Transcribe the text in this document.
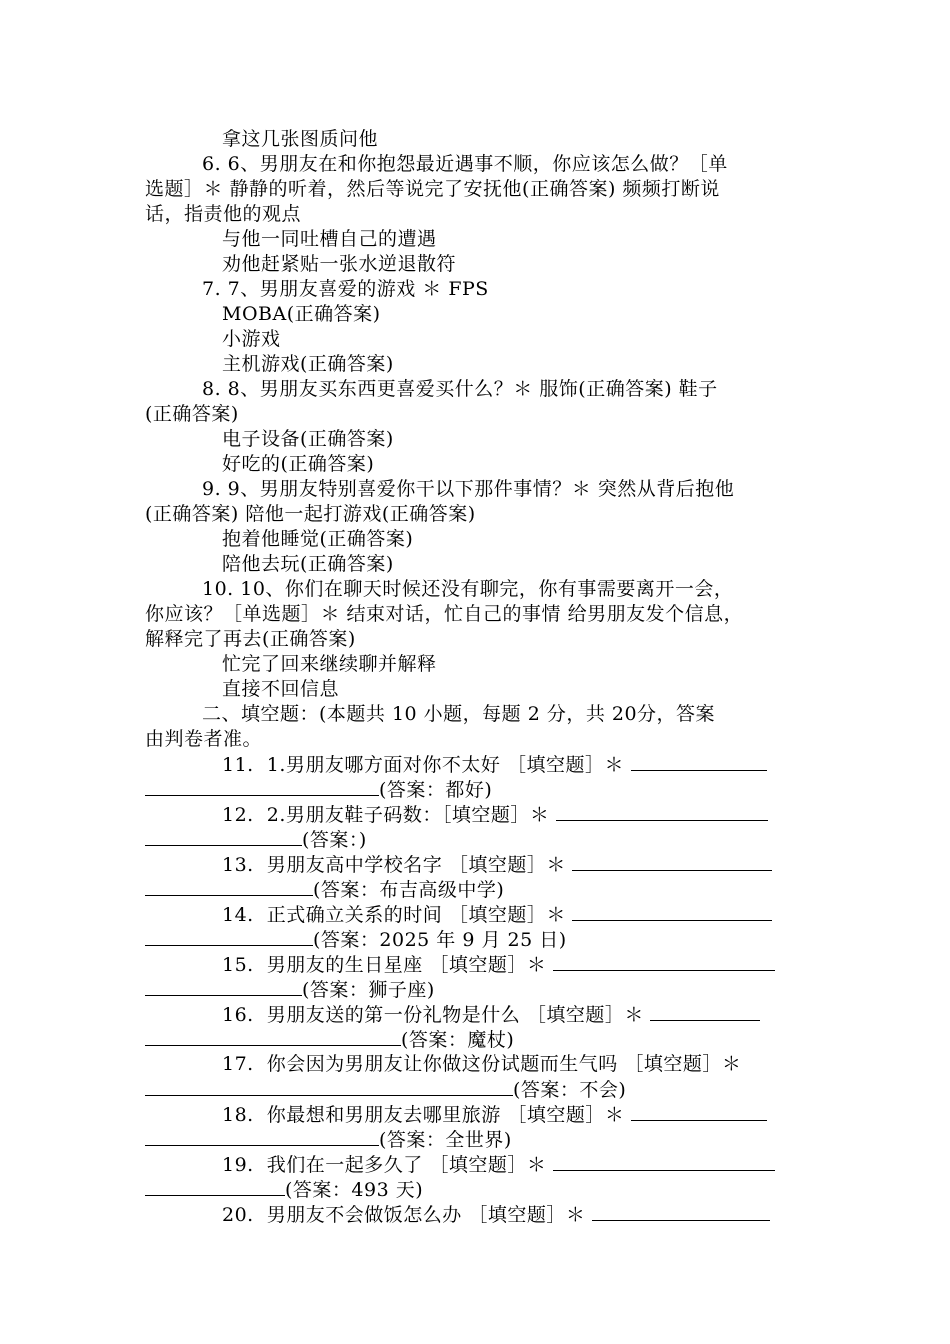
拿这几张图质问他
6. 6、男朋友在和你抱怨最近遇事不顺，你应该怎么做？［单
选题］＊ 静静的听着，然后等说完了安抚他(正确答案) 频频打断说
话，指责他的观点
与他一同吐槽自己的遭遇
劝他赶紧贴一张水逆退散符
7. 7、男朋友喜爱的游戏 ＊ FPS
MOBA(正确答案)
小游戏
主机游戏(正确答案)
8. 8、男朋友买东西更喜爱买什么？＊ 服饰(正确答案) 鞋子
(正确答案)
电子设备(正确答案)
好吃的(正确答案)
9. 9、男朋友特别喜爱你干以下那件事情？＊ 突然从背后抱他
(正确答案) 陪他一起打游戏(正确答案)
抱着他睡觉(正确答案)
陪他去玩(正确答案)
10. 10、你们在聊天时候还没有聊完，你有事需要离开一会，
你应该？［单选题］＊ 结束对话，忙自己的事情 给男朋友发个信息，
解释完了再去(正确答案)
忙完了回来继续聊并解释
直接不回信息
二、填空题：(本题共 10 小题，每题 2 分，共 20分，答案
由判卷者准。
11.  1.男朋友哪方面对你不太好 ［填空题］＊
(答案：都好)
12.  2.男朋友鞋子码数：［填空题］＊
(答案：)
13.  男朋友高中学校名字 ［填空题］＊
(答案：布吉高级中学)
14.  正式确立关系的时间 ［填空题］＊
(答案：2025 年 9 月 25 日)
15.  男朋友的生日星座 ［填空题］＊
(答案：狮子座)
16.  男朋友送的第一份礼物是什么 ［填空题］＊
(答案：魔杖)
17.  你会因为男朋友让你做这份试题而生气吗 ［填空题］＊
(答案：不会)
18.  你最想和男朋友去哪里旅游 ［填空题］＊
(答案：全世界)
19.  我们在一起多久了 ［填空题］＊
(答案：493 天)
20.  男朋友不会做饭怎么办 ［填空题］＊
